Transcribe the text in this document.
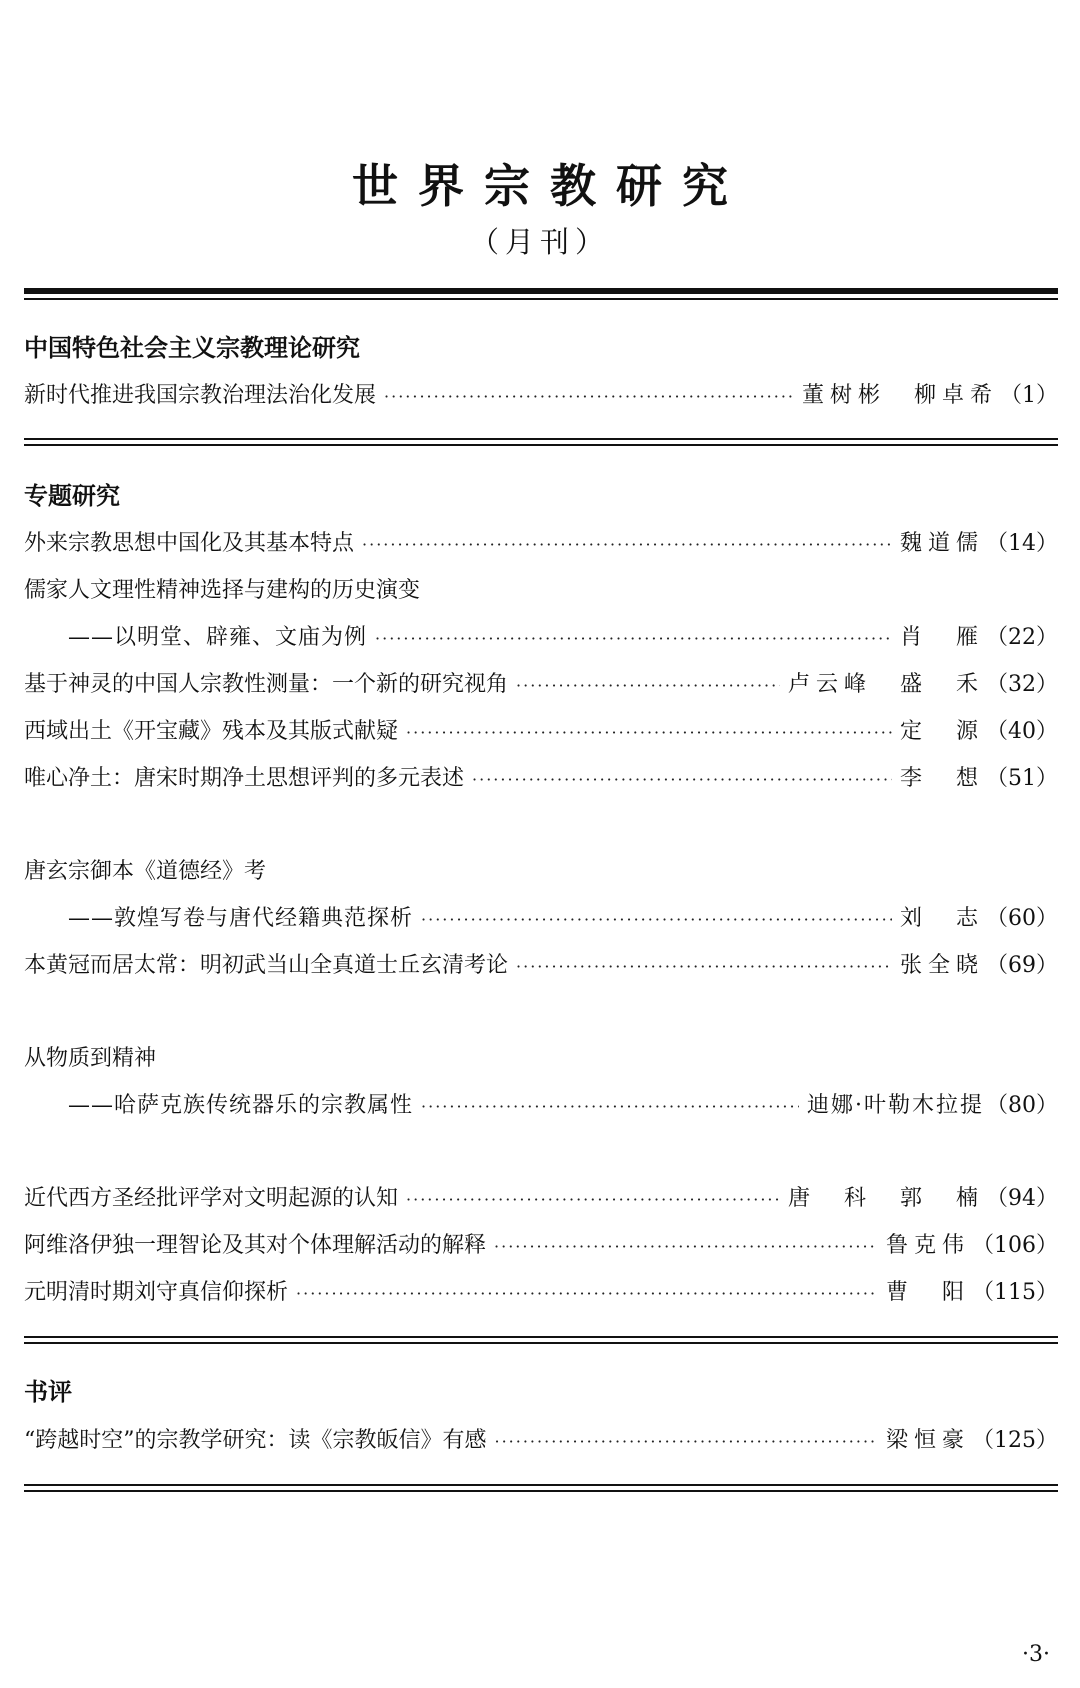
世界宗教研究
（月刊）
中国特色社会主义宗教理论研究
新时代推进我国宗教治理法治化发展 ·····	董树彬　柳卓希 （1）
专题研究
外来宗教思想中国化及其基本特点 ·····	魏道儒 （14）
儒家人文理性精神选择与建构的历史演变
——以明堂、辟雍、文庙为例 ·····	肖　雁 （22）
基于神灵的中国人宗教性测量：一个新的研究视角 ·····	卢云峰　盛　禾 （32）
西域出土《开宝藏》残本及其版式献疑 ·····	定　源 （40）
唯心净土：唐宋时期净土思想评判的多元表述 ·····	李　想 （51）
唐玄宗御本《道德经》考
——敦煌写卷与唐代经籍典范探析 ·····	刘　志 （60）
本黄冠而居太常：明初武当山全真道士丘玄清考论 ·····	张全晓 （69）
从物质到精神
——哈萨克族传统器乐的宗教属性 ·····	迪娜·叶勒木拉提 （80）
近代西方圣经批评学对文明起源的认知 ·····	唐　科　郭　楠 （94）
阿维洛伊独一理智论及其对个体理解活动的解释 ·····	鲁克伟 （106）
元明清时期刘守真信仰探析 ·····	曹　阳 （115）
书评
“跨越时空”的宗教学研究：读《宗教皈信》有感 ·····	梁恒豪 （125）
·3·
